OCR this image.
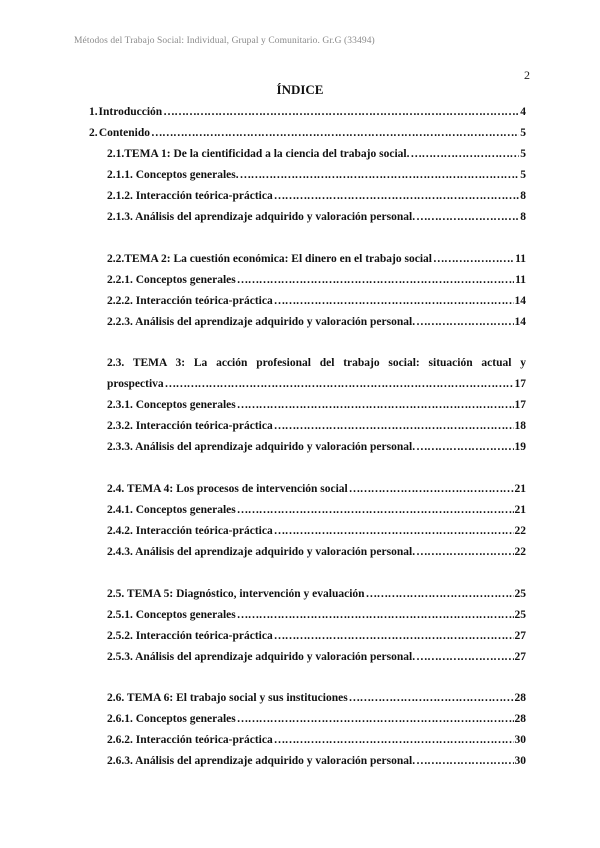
Métodos del Trabajo Social: Individual, Grupal y Comunitario. Gr.G (33494)
2
ÍNDICE
1. Introducción ……………………………………………………………………………………………………………………………………………………………………………………	4
2. Contenido ……………………………………………………………………………………………………………………………………………………………………………………	5
2.1.TEMA 1: De la cientificidad a la ciencia del trabajo social. ……………………………………………………………………………………………………………………………………………………………………………………	5
2.1.1. Conceptos generales. ……………………………………………………………………………………………………………………………………………………………………………………	5
2.1.2. Interacción teórica-práctica ……………………………………………………………………………………………………………………………………………………………………………………	8
2.1.3. Análisis del aprendizaje adquirido y valoración personal. ……………………………………………………………………………………………………………………………………………………………………………………	8
2.2.TEMA 2: La cuestión económica: El dinero en el trabajo social ……………………………………………………………………………………………………………………………………………………………………………………	11
2.2.1. Conceptos generales ……………………………………………………………………………………………………………………………………………………………………………………	11
2.2.2. Interacción teórica-práctica ……………………………………………………………………………………………………………………………………………………………………………………	14
2.2.3. Análisis del aprendizaje adquirido y valoración personal. ……………………………………………………………………………………………………………………………………………………………………………………	14
2.3. TEMA 3: La acción profesional del trabajo social: situación actual y
prospectiva ……………………………………………………………………………………………………………………………………………………………………………………	17
2.3.1. Conceptos generales ……………………………………………………………………………………………………………………………………………………………………………………	17
2.3.2. Interacción teórica-práctica ……………………………………………………………………………………………………………………………………………………………………………………	18
2.3.3. Análisis del aprendizaje adquirido y valoración personal. ……………………………………………………………………………………………………………………………………………………………………………………	19
2.4. TEMA 4: Los procesos de intervención social ……………………………………………………………………………………………………………………………………………………………………………………	21
2.4.1. Conceptos generales ……………………………………………………………………………………………………………………………………………………………………………………	21
2.4.2. Interacción teórica-práctica ……………………………………………………………………………………………………………………………………………………………………………………	22
2.4.3. Análisis del aprendizaje adquirido y valoración personal. ……………………………………………………………………………………………………………………………………………………………………………………	22
2.5. TEMA 5: Diagnóstico, intervención y evaluación ……………………………………………………………………………………………………………………………………………………………………………………	25
2.5.1. Conceptos generales ……………………………………………………………………………………………………………………………………………………………………………………	25
2.5.2. Interacción teórica-práctica ……………………………………………………………………………………………………………………………………………………………………………………	27
2.5.3. Análisis del aprendizaje adquirido y valoración personal. ……………………………………………………………………………………………………………………………………………………………………………………	27
2.6. TEMA 6: El trabajo social y sus instituciones ……………………………………………………………………………………………………………………………………………………………………………………	28
2.6.1. Conceptos generales ……………………………………………………………………………………………………………………………………………………………………………………	28
2.6.2. Interacción teórica-práctica ……………………………………………………………………………………………………………………………………………………………………………………	30
2.6.3. Análisis del aprendizaje adquirido y valoración personal. ……………………………………………………………………………………………………………………………………………………………………………………	30
